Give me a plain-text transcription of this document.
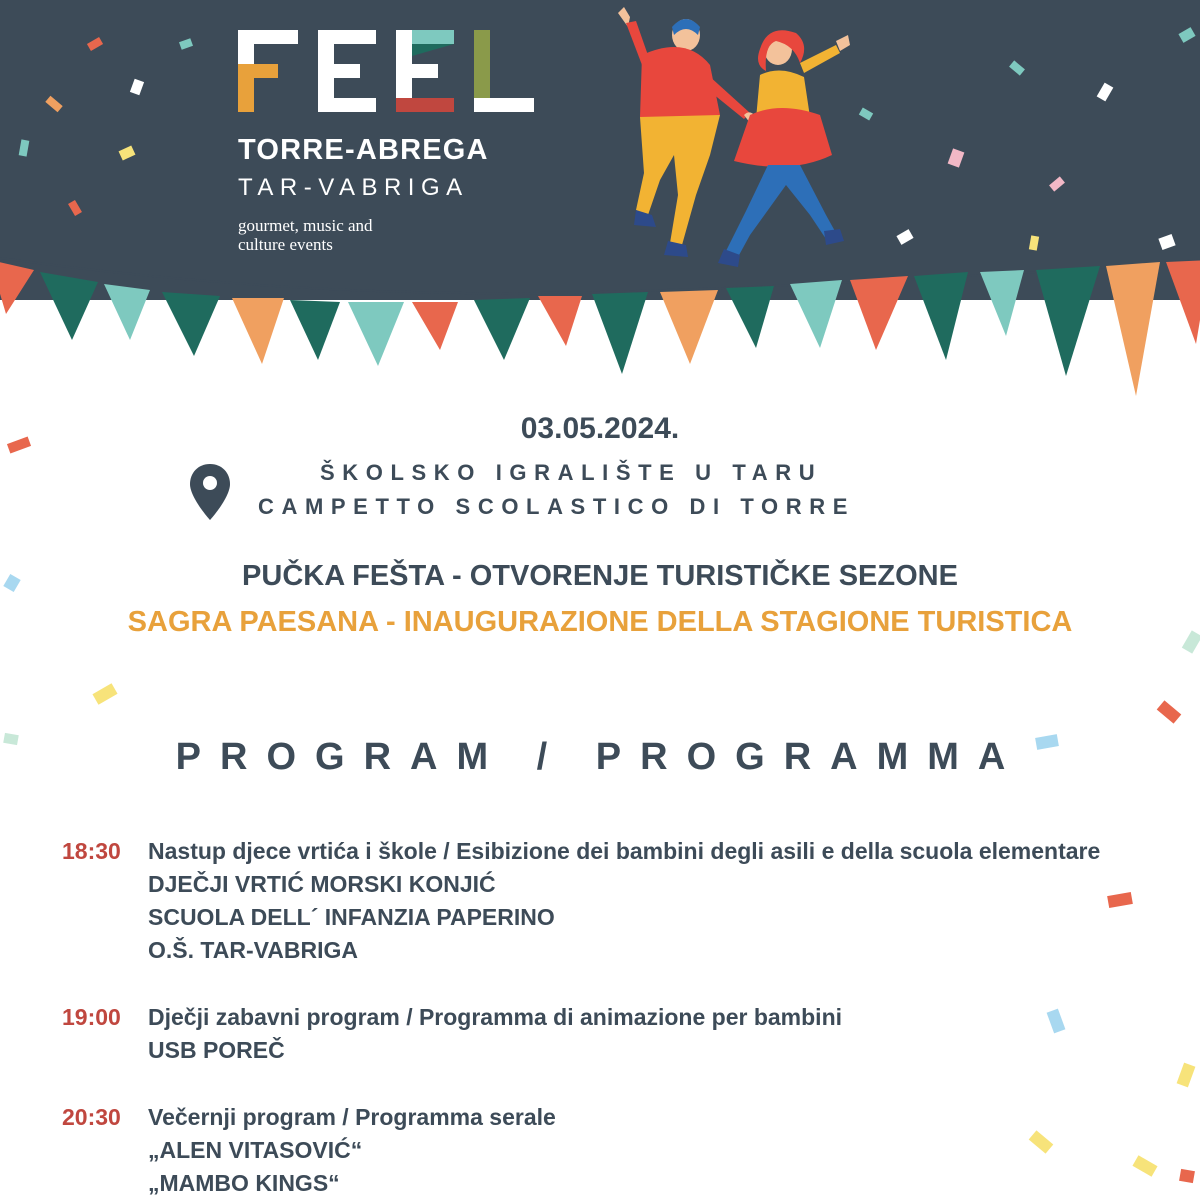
TORRE-ABREGA

TAR-VABRIGA

gourmet, music and
culture events

03.05.2024.

ŠKOLSKO IGRALIŠTE U TARU
CAMPETTO SCOLASTICO DI TORRE

PUČKA FEŠTA - OTVORENJE TURISTIČKE SEZONE

SAGRA PAESANA - INAUGURAZIONE DELLA STAGIONE TURISTICA

PROGRAM / PROGRAMMA

18:30 Nastup djece vrtića i škole / Esibizione dei bambini degli asili e della scuola elementare
DJEČJI VRTIĆ MORSKI KONJIĆ
SCUOLA DELL´ INFANZIA PAPERINO
O.Š. TAR-VABRIGA
19:00 Dječji zabavni program / Programma di animazione per bambini
USB POREČ
20:30 Večernji program / Programma serale
„ALEN VITASOVIĆ“
„MAMBO KINGS“
